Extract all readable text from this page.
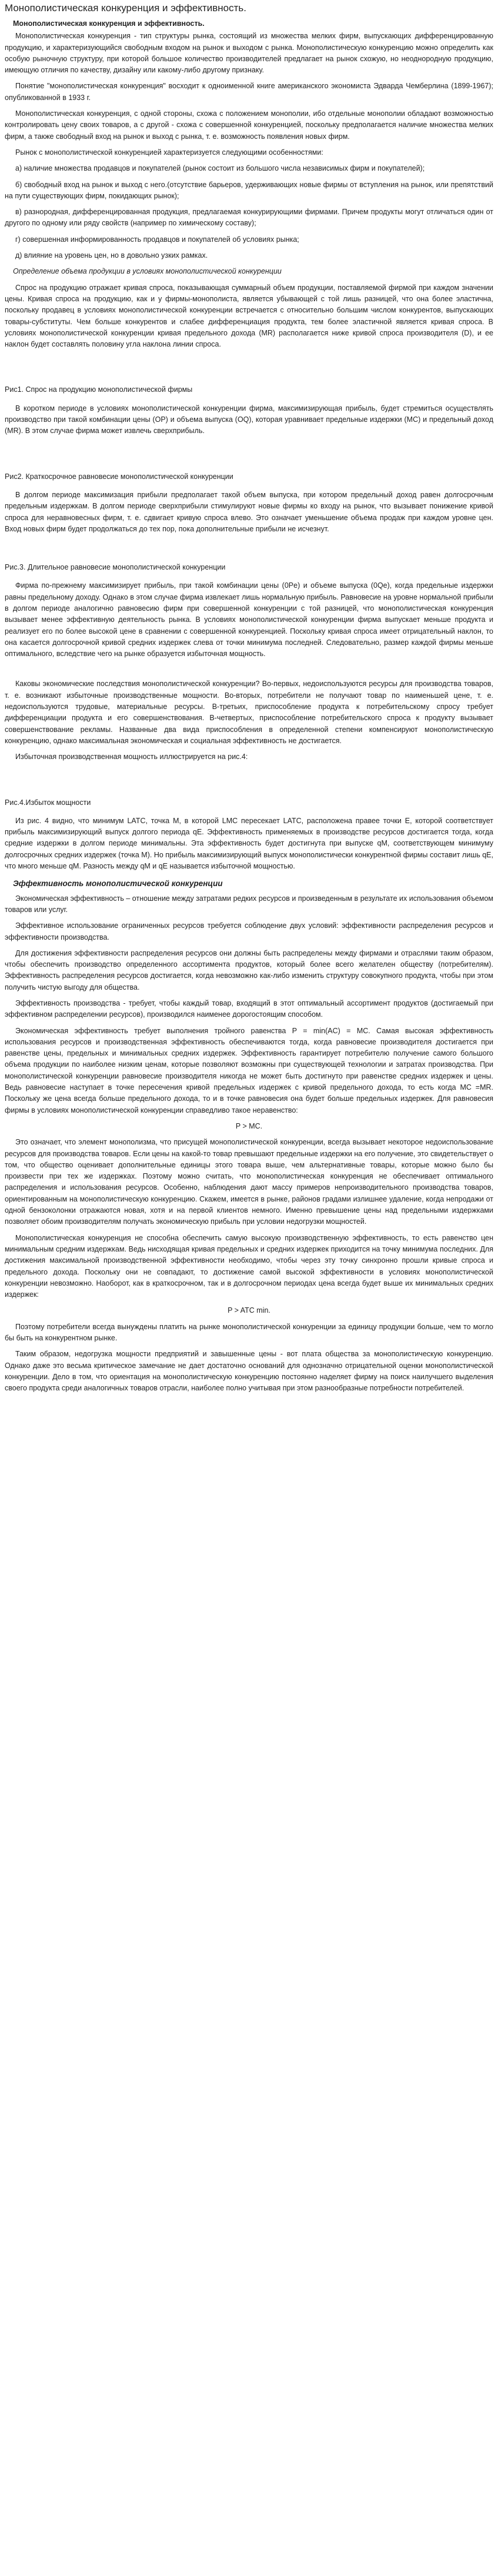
Монополистическая конкуренция и эффективность.
Монополистическая конкуренция и эффективность.

Монополистическая конкуренция - тип структуры рынка, состоящий из множества мелких фирм, выпускающих дифференцированную продукцию, и характеризующийся свободным входом на рынок и выходом с рынка. Монополистическую конкуренцию можно определить как особую рыночную структуру, при которой большое количество производителей предлагает на рынок схожую, но неоднородную продукцию, имеющую отличия по качеству, дизайну или какому-либо другому признаку.

Понятие "монополистическая конкуренция" восходит к одноименной книге американского экономиста Эдварда Чемберлина (1899-1967); опубликованной в 1933 г.

Монополистическая конкуренция, с одной стороны, схожа с положением монополии, ибо отдельные монополии обладают возможностью контролировать цену своих товаров, а с другой - схожа с совершенной конкуренцией, поскольку предполагается наличие множества мелких фирм, а также свободный вход на рынок и выход с рынка, т. е. возможность появления новых фирм.

Рынок с монополистической конкуренцией характеризуется следующими особенностями:

а) наличие множества продавцов и покупателей (рынок состоит из большого числа независимых фирм и покупателей);

б) свободный вход на рынок и выход с него.(отсутствие барьеров, удерживающих новые фирмы от вступления на рынок, или препятствий на пути существующих фирм, покидающих рынок);

в) разнородная, дифференцированная продукция, предлагаемая конкурирующими фирмами. Причем продукты могут отличаться один от другого по одному или ряду свойств (например по химическому составу);

г) совершенная информированность продавцов и покупателей об условиях рынка;

д) влияние на уровень цен, но в довольно узких рамках.

Определение объема продукции в условиях монополистической конкуренции

Спрос на продукцию отражает кривая спроса, показывающая суммарный объем продукции, поставляемой фирмой при каждом значении цены. Кривая спроса на продукцию, как и у фирмы-монополиста, является убывающей с той лишь разницей, что она более эластична, поскольку продавец в условиях монополистической конкуренции встречается с относительно большим числом конкурентов, выпускающих товары-субституты. Чем больше конкурентов и слабее дифференциация продукта, тем более эластичной является кривая спроса. В условиях монополистической конкуренции кривая предельного дохода (MR) располагается ниже кривой спроса производителя (D), и ее наклон будет составлять половину угла наклона линии спроса.

Рис1. Спрос на продукцию монополистической фирмы

В коротком периоде в условиях монополистической конкуренции фирма, максимизирующая прибыль, будет стремиться осуществлять производство при такой комбинации цены (OP) и объема выпуска (OQ), которая уравнивает предельные издержки (MC) и предельный доход (MR). В этом случае фирма может извлечь сверхприбыль.

Рис2. Краткосрочное равновесие монополистической конкуренции

В долгом периоде максимизация прибыли предполагает такой объем выпуска, при котором предельный доход равен долгосрочным предельным издержкам. В долгом периоде сверхприбыли стимулируют новые фирмы ко входу на рынок, что вызывает понижение кривой спроса для неравновесных фирм, т. е. сдвигает кривую спроса влево. Это означает уменьшение объема продаж при каждом уровне цен. Вход новых фирм будет продолжаться до тех пор, пока дополнительные прибыли не исчезнут.

Рис.3. Длительное равновесие монополистической конкуренции

Фирма по-прежнему максимизирует прибыль, при такой комбинации цены (0Pe) и объеме выпуска (0Qe), когда предельные издержки равны предельному доходу. Однако в этом случае фирма извлекает лишь нормальную прибыль. Равновесие на уровне нормальной прибыли в долгом периоде аналогично равновесию фирм при совершенной конкуренции с той разницей, что монополистическая конкуренция вызывает менее эффективную деятельность рынка. В условиях монополистической конкуренции фирма выпускает меньше продукта и реализует его по более высокой цене в сравнении с совершенной конкуренцией. Поскольку кривая спроса имеет отрицательный наклон, то она касается долгосрочной кривой средних издержек слева от точки минимума последней. Следовательно, размер каждой фирмы меньше оптимального, вследствие чего на рынке образуется избыточная мощность.

Каковы экономические последствия монополистической конкуренции? Во-первых, недоиспользуются ресурсы для производства товаров, т. е. возникают избыточные производственные мощности. Во-вторых, потребители не получают товар по наименьшей цене, т. е. недоиспользуются трудовые, материальные ресурсы. В-третьих, приспособление продукта к потребительскому спросу требует дифференциации продукта и его совершенствования. В-четвертых, приспособление потребительского спроса к продукту вызывает совершенствование рекламы. Названные два вида приспособления в определенной степени компенсируют монополистическую конкуренцию, однако максимальная экономическая и социальная эффективность не достигается.

Избыточная производственная мощность иллюстрируется на рис.4:

Рис.4.Избыток мощности

Из рис. 4 видно, что минимум LATC, точка M, в которой LMC пересекает LATC, расположена правее точки E, которой соответствует прибыль максимизирующий выпуск долгого периода qE. Эффективность применяемых в производстве ресурсов достигается тогда, когда средние издержки в долгом периоде минимальны. Эта эффективность будет достигнута при выпуске qM, соответствующем минимуму долгосрочных средних издержек (точка M). Но прибыль максимизирующий выпуск монополистически конкурентной фирмы составит лишь qE, что много меньше qM. Разность между qM и qE называется избыточной мощностью.

Эффективность монополистической конкуренции

Экономическая эффективность – отношение между затратами редких ресурсов и произведенным в результате их использования объемом товаров или услуг.

Эффективное использование ограниченных ресурсов требуется соблюдение двух условий: эффективности распределения ресурсов и эффективности производства.

Для достижения эффективности распределения ресурсов они должны быть распределены между фирмами и отраслями таким образом, чтобы обеспечить производство определенного ассортимента продуктов, который более всего желателен обществу (потребителям). Эффективность распределения ресурсов достигается, когда невозможно как-либо изменить структуру совокупного продукта, чтобы при этом получить чистую выгоду для общества.

Эффективность производства - требует, чтобы каждый товар, входящий в этот оптимальный ассортимент продуктов (достигаемый при эффективном распределении ресурсов), производился наименее дорогостоящим способом.

Экономическая эффективность требует выполнения тройного равенства P = min(AC) = MC. Самая высокая эффективность использования ресурсов и производственная эффективность обеспечиваются тогда, когда равновесие производителя достигается при равенстве цены, предельных и минимальных средних издержек. Эффективность гарантирует потребителю получение самого большого объема продукции по наиболее низким ценам, которые позволяют возможны при существующей технологии и затратах производства. При монополистической конкуренции равновесие производителя никогда не может быть достигнуто при равенстве средних издержек и цены. Ведь равновесие наступает в точке пересечения кривой предельных издержек с кривой предельного дохода, то есть когда MC =MR. Поскольку же цена всегда больше предельного дохода, то и в точке равновесия она будет больше предельных издержек. Для равновесия фирмы в условиях монополистической конкуренции справедливо такое неравенство:

P > MC.

Это означает, что элемент монополизма, что присущей монополистической конкуренции, всегда вызывает некоторое недоиспользование ресурсов для производства товаров. Если цены на какой-то товар превышают предельные издержки на его получение, это свидетельствует о том, что общество оценивает дополнительные единицы этого товара выше, чем альтернативные товары, которые можно было бы произвести при тех же издержках. Поэтому можно считать, что монополистическая конкуренция не обеспечивает оптимального распределения и использования ресурсов. Особенно, наблюдения дают массу примеров непроизводительного производства товаров, ориентированным на монополистическую конкуренцию. Скажем, имеется в рынке, районов градами излишнее удаление, когда непродажи от одной бензоколонки отражаются новая, хотя и на первой клиентов немного. Именно превышение цены над предельными издержками позволяет обоим производителям получать экономическую прибыль при условии недогрузки мощностей.

Монополистическая конкуренция не способна обеспечить самую высокую производственную эффективность, то есть равенство цен минимальным средним издержкам. Ведь нисходящая кривая предельных и средних издержек приходится на точку минимума последних. Для достижения максимальной производственной эффективности необходимо, чтобы через эту точку синхронно прошли кривые спроса и предельного дохода. Поскольку они не совпадают, то достижение самой высокой эффективности в условиях монополистической конкуренции невозможно. Наоборот, как в краткосрочном, так и в долгосрочном периодах цена всегда будет выше их минимальных средних издержек:

P > ATC min.

Поэтому потребители всегда вынуждены платить на рынке монополистической конкуренции за единицу продукции больше, чем то могло бы быть на конкурентном рынке.

Таким образом, недогрузка мощности предприятий и завышенные цены - вот плата общества за монополистическую конкуренцию. Однако даже это весьма критическое замечание не дает достаточно оснований для однозначно отрицательной оценки монополистической конкуренции. Дело в том, что ориентация на монополистическую конкуренцию постоянно наделяет фирму на поиск наилучшего выделения своего продукта среди аналогичных товаров отрасли, наиболее полно учитывая при этом разнообразные потребности потребителей.
